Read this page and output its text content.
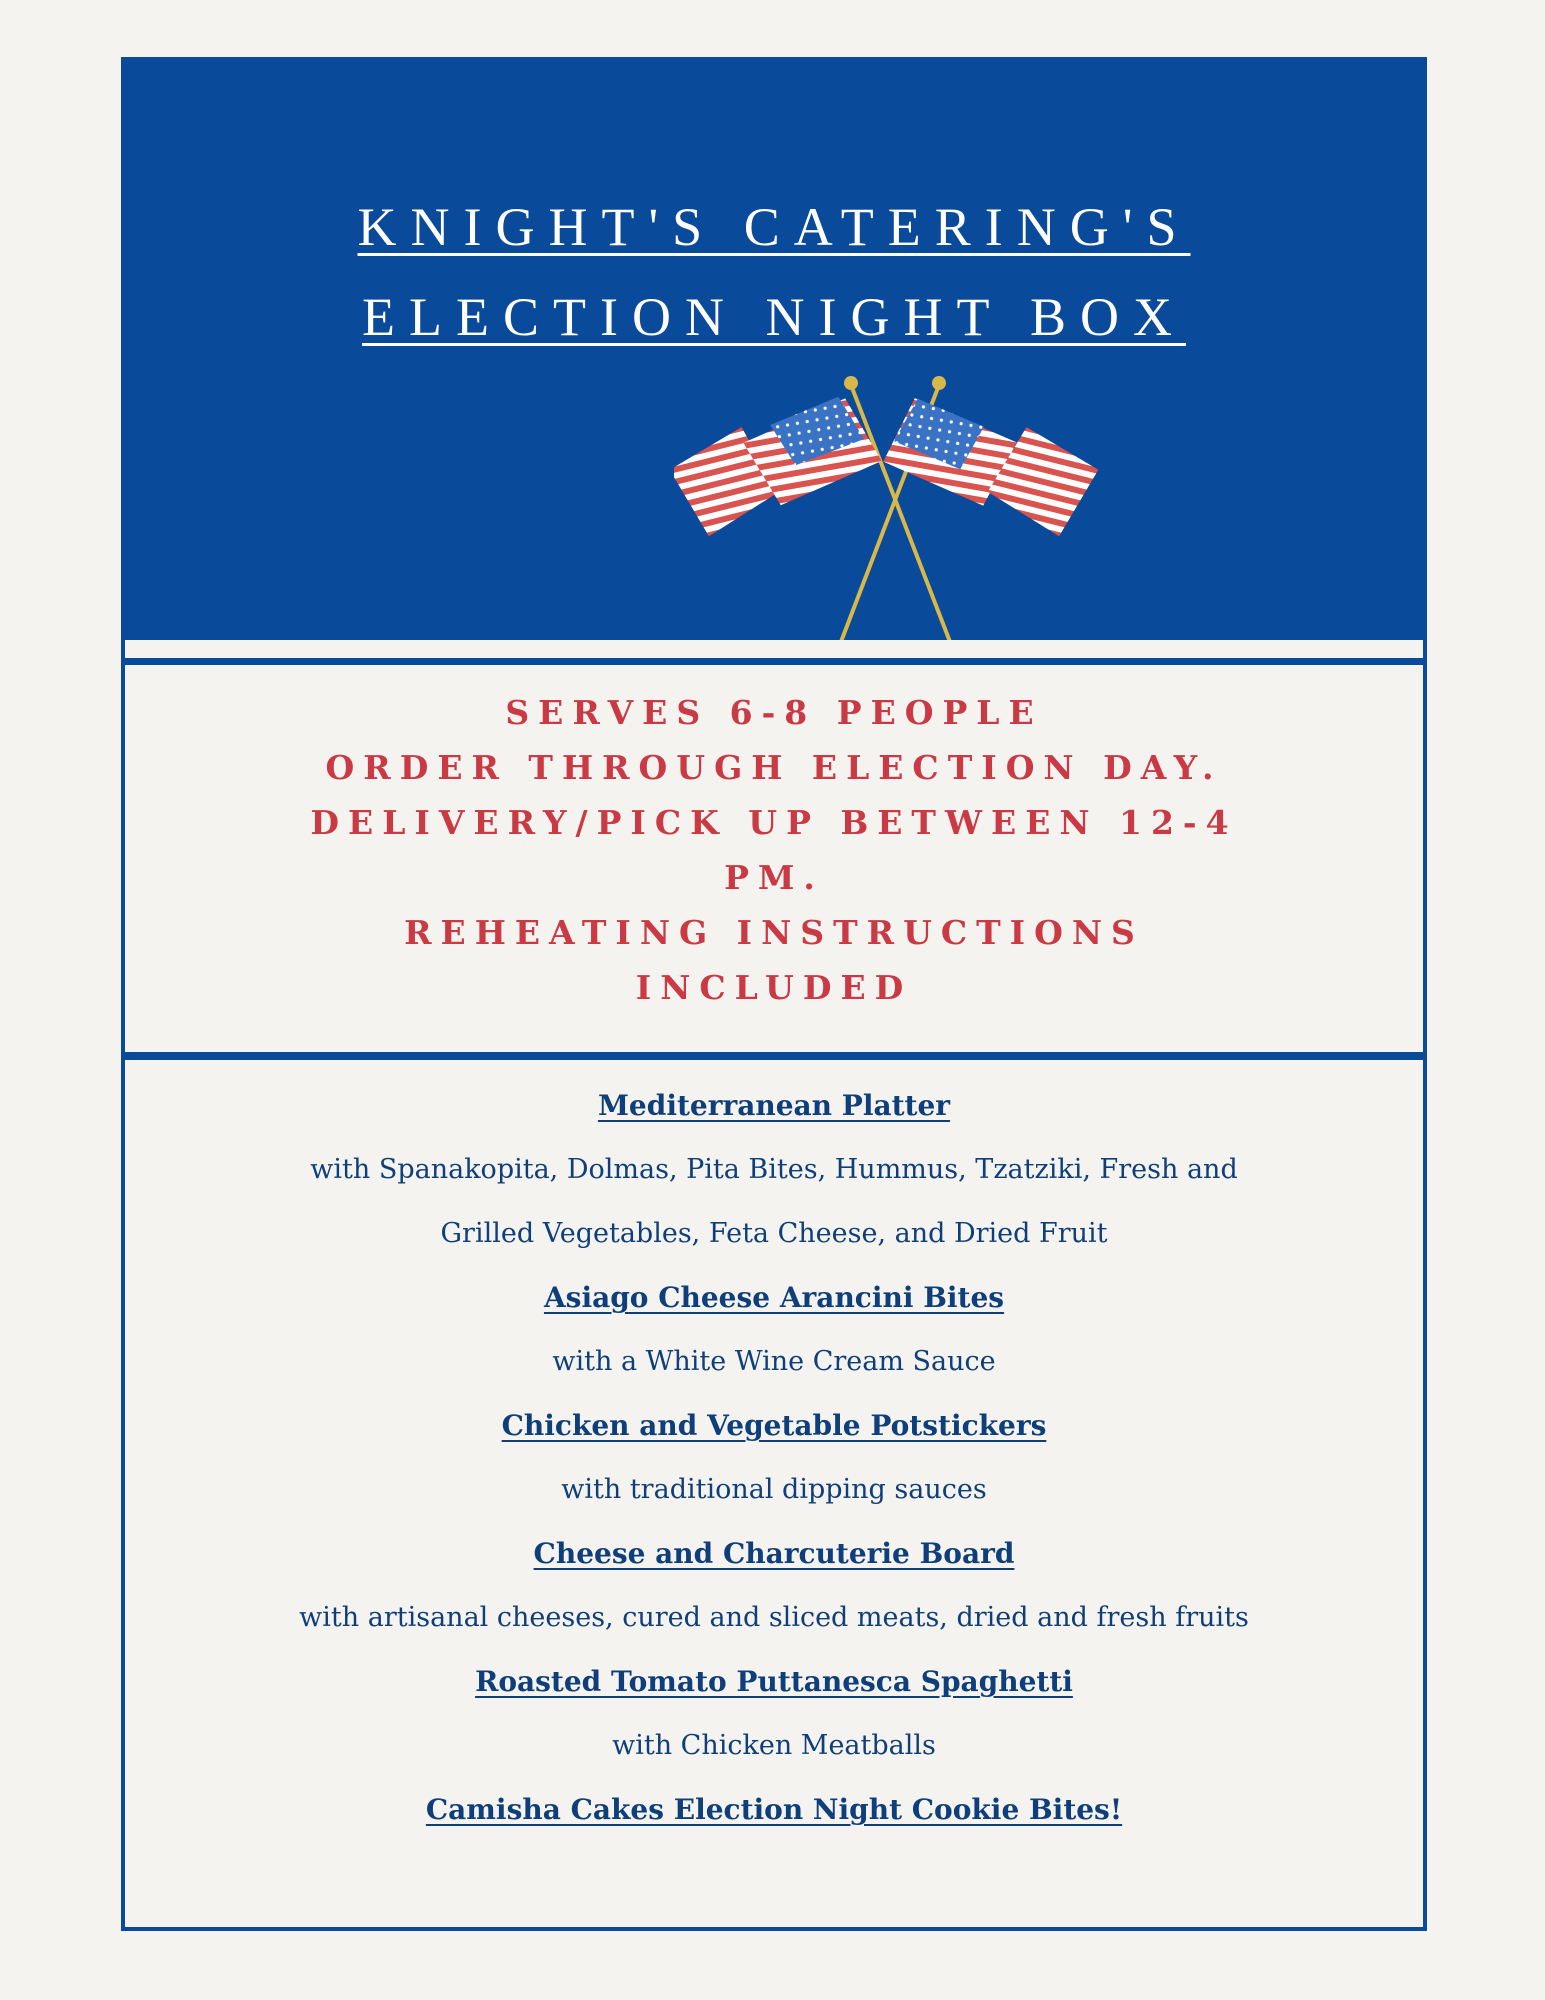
KNIGHT'S CATERING'S
ELECTION NIGHT BOX
SERVES 6-8 PEOPLE
ORDER THROUGH ELECTION DAY.
DELIVERY/PICK UP BETWEEN 12-4
PM.
REHEATING INSTRUCTIONS
INCLUDED
Mediterranean Platter
with Spanakopita, Dolmas, Pita Bites, Hummus, Tzatziki, Fresh and Grilled Vegetables, Feta Cheese, and Dried Fruit
Asiago Cheese Arancini Bites
with a White Wine Cream Sauce
Chicken and Vegetable Potstickers
with traditional dipping sauces
Cheese and Charcuterie Board
with artisanal cheeses, cured and sliced meats, dried and fresh fruits
Roasted Tomato Puttanesca Spaghetti
with Chicken Meatballs
Camisha Cakes Election Night Cookie Bites!
